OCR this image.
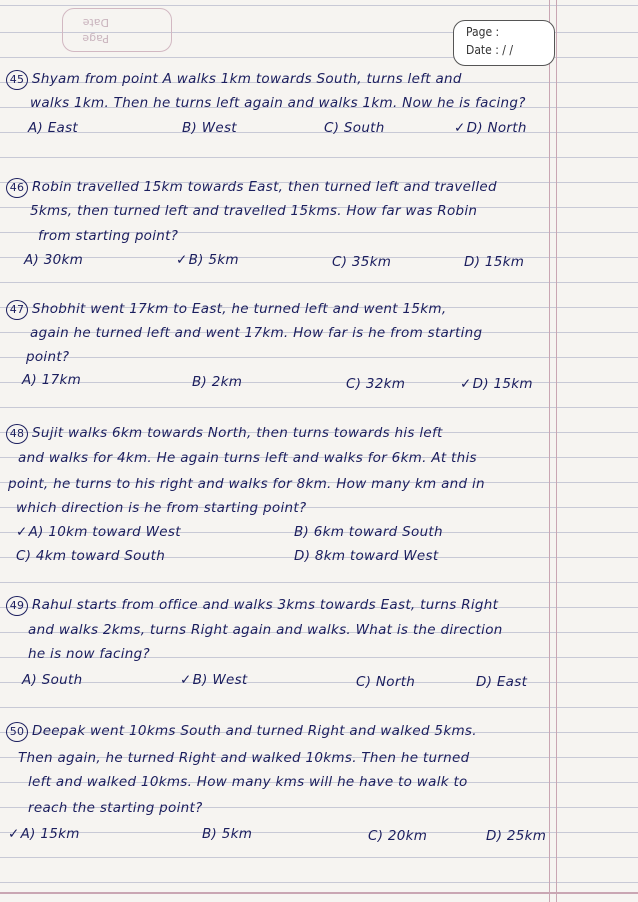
Page
Date
Page :
Date : / /
45 Shyam from point A walks 1km towards South, turns left and
walks 1km. Then he turns left again and walks 1km. Now he is facing?
A) East	B) West	C) South	✓D) North
46 Robin travelled 15km towards East, then turned left and travelled
5kms, then turned left and travelled 15kms. How far was Robin
from starting point?
A) 30km	✓B) 5km	C) 35km	D) 15km
47 Shobhit went 17km to East, he turned left and went 15km,
again he turned left and went 17km. How far is he from starting
point?
A) 17km	B) 2km	C) 32km	✓D) 15km
48 Sujit walks 6km towards North, then turns towards his left
and walks for 4km. He again turns left and walks for 6km. At this
point, he turns to his right and walks for 8km. How many km and in
which direction is he from starting point?
✓A) 10km toward West	B) 6km toward South
C) 4km toward South	D) 8km toward West
49 Rahul starts from office and walks 3kms towards East, turns Right
and walks 2kms, turns Right again and walks. What is the direction
he is now facing?
A) South	✓B) West	C) North	D) East
50 Deepak went 10kms South and turned Right and walked 5kms.
Then again, he turned Right and walked 10kms. Then he turned
left and walked 10kms. How many kms will he have to walk to
reach the starting point?
✓A) 15km	B) 5km	C) 20km	D) 25km
